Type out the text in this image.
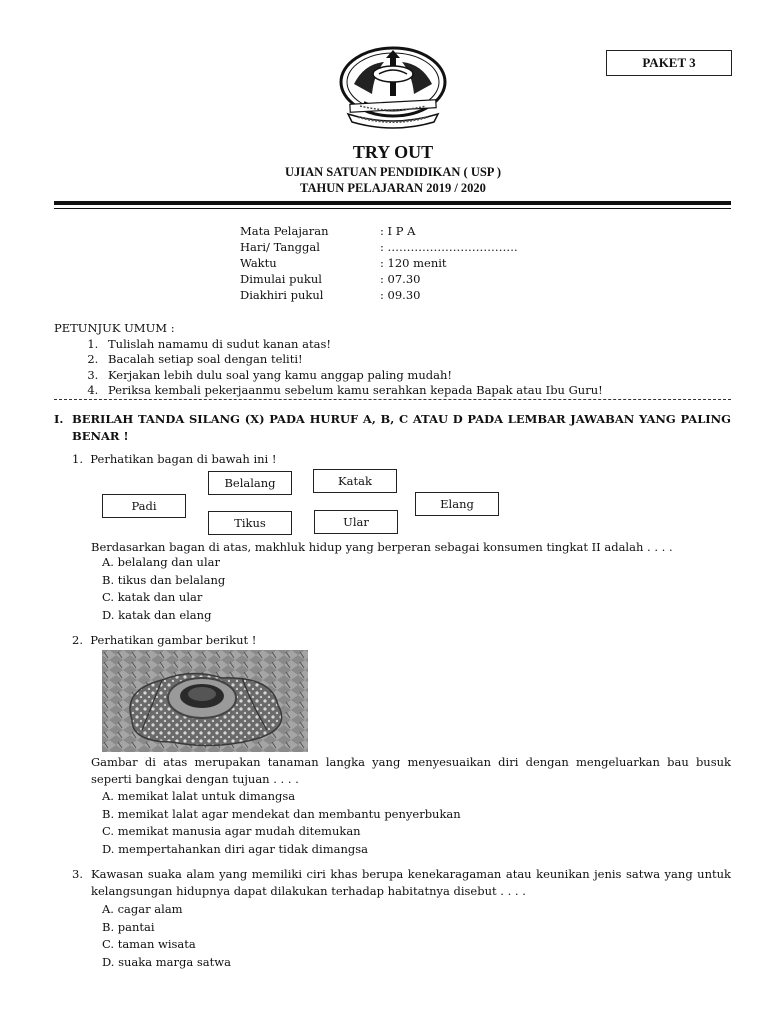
PAKET 3
TRY OUT
UJIAN SATUAN PENDIDIKAN ( USP )
TAHUN PELAJARAN 2019 / 2020
Mata Pelajaran	: I P A
Hari/ Tanggal	: …………………………….
Waktu	: 120 menit
Dimulai pukul	: 07.30
Diakhiri pukul	: 09.30
PETUNJUK UMUM :
1. Tulislah namamu di sudut kanan atas!
2. Bacalah setiap soal dengan teliti!
3. Kerjakan lebih dulu soal yang kamu anggap paling mudah!
4. Periksa kembali pekerjaanmu sebelum kamu serahkan kepada Bapak atau Ibu Guru!
I. BERILAH TANDA SILANG (X) PADA HURUF A, B, C ATAU D PADA LEMBAR JAWABAN YANG PALING BENAR !
1. Perhatikan bagan di bawah ini !
Padi
Belalang
Tikus
Katak
Ular
Elang
Berdasarkan bagan di atas, makhluk hidup yang berperan sebagai konsumen tingkat II adalah . . . .
A. belalang dan ular
B. tikus dan belalang
C. katak dan ular
D. katak dan elang
2. Perhatikan gambar berikut !
Gambar di atas merupakan tanaman langka yang menyesuaikan diri dengan mengeluarkan bau busuk seperti bangkai dengan tujuan . . . .
A. memikat lalat untuk dimangsa
B. memikat lalat agar mendekat dan membantu penyerbukan
C. memikat manusia agar mudah ditemukan
D. mempertahankan diri agar tidak dimangsa
3. Kawasan suaka alam yang memiliki ciri khas berupa kenekaragaman atau keunikan jenis satwa yang untuk kelangsungan hidupnya dapat dilakukan terhadap habitatnya disebut . . . .
A. cagar alam
B. pantai
C. taman wisata
D. suaka marga satwa
